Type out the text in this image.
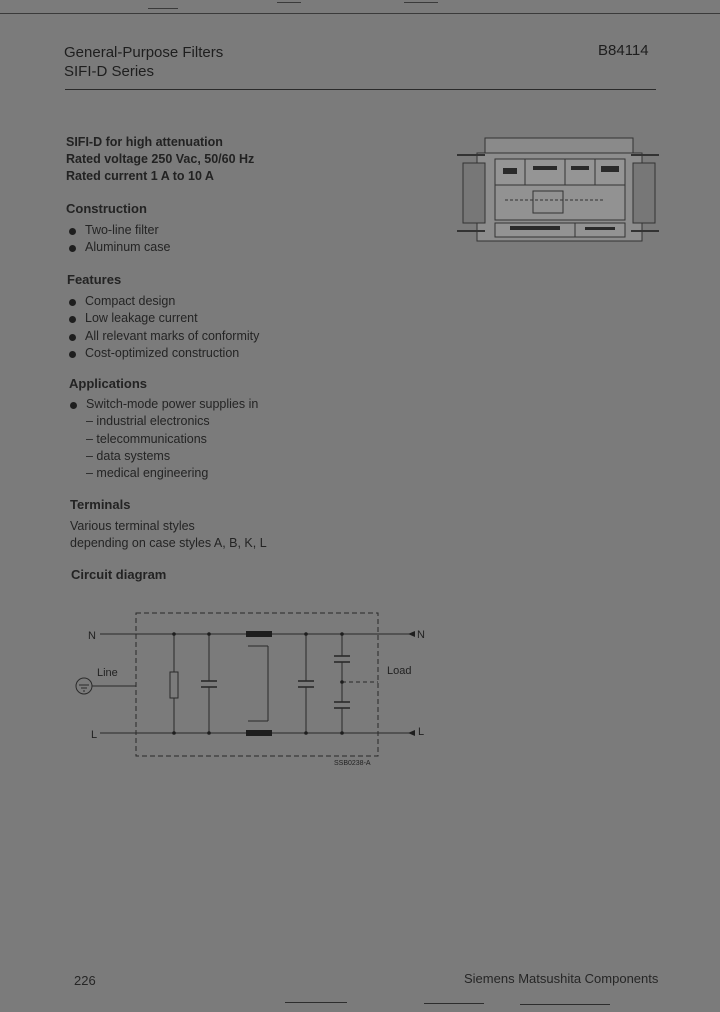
General-Purpose Filters
SIFI-D Series
B84114
SIFI-D for high attenuation
Rated voltage 250 Vac, 50/60 Hz
Rated current 1 A to 10 A
Construction
Two-line filter
Aluminum case
Features
Compact design
Low leakage current
All relevant marks of conformity
Cost-optimized construction
Applications
Switch-mode power supplies in
– industrial electronics
– telecommunications
– data systems
– medical engineering
Terminals
Various terminal styles
depending on case styles A, B, K, L
Circuit diagram
N
L
N
L
Line	Load
SSB0238-A
226	Siemens Matsushita Components
